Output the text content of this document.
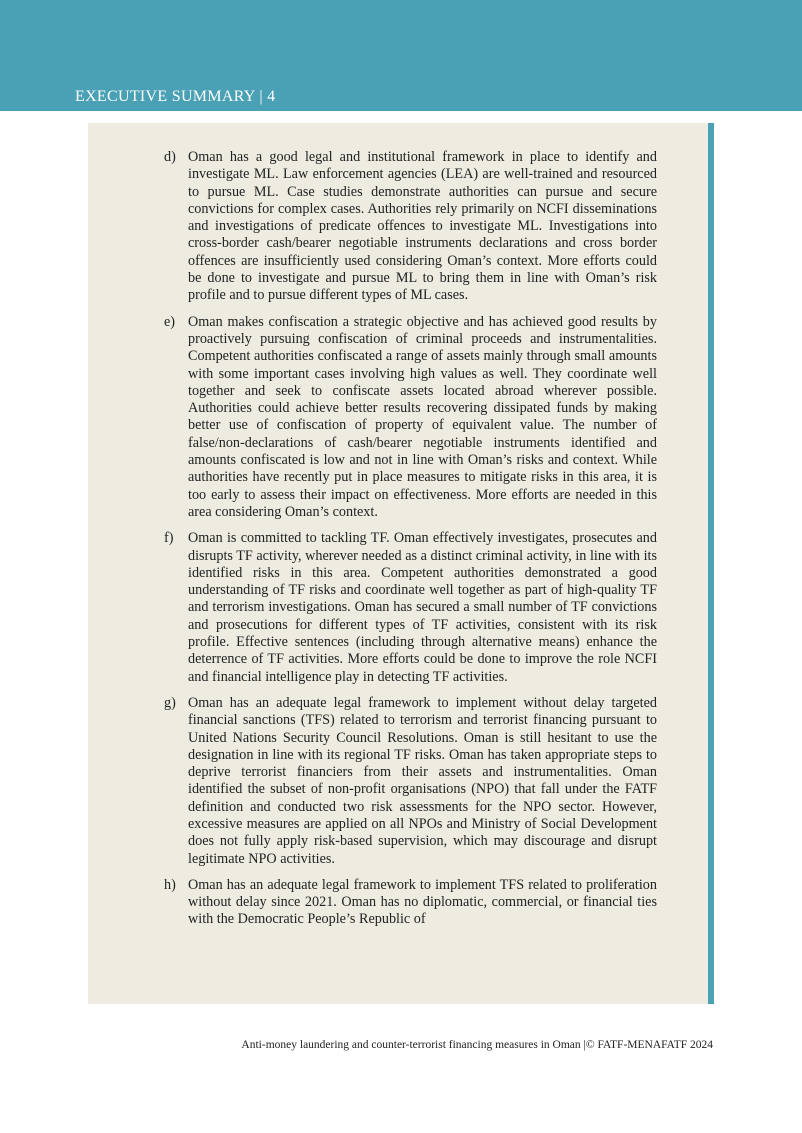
EXECUTIVE SUMMARY | 4
d) Oman has a good legal and institutional framework in place to identify and investigate ML. Law enforcement agencies (LEA) are well-trained and resourced to pursue ML. Case studies demonstrate authorities can pursue and secure convictions for complex cases. Authorities rely primarily on NCFI disseminations and investigations of predicate offences to investigate ML. Investigations into cross-border cash/bearer negotiable instruments declarations and cross border offences are insufficiently used considering Oman’s context. More efforts could be done to investigate and pursue ML to bring them in line with Oman’s risk profile and to pursue different types of ML cases.
e) Oman makes confiscation a strategic objective and has achieved good results by proactively pursuing confiscation of criminal proceeds and instrumentalities. Competent authorities confiscated a range of assets mainly through small amounts with some important cases involving high values as well. They coordinate well together and seek to confiscate assets located abroad wherever possible. Authorities could achieve better results recovering dissipated funds by making better use of confiscation of property of equivalent value. The number of false/non-declarations of cash/bearer negotiable instruments identified and amounts confiscated is low and not in line with Oman’s risks and context. While authorities have recently put in place measures to mitigate risks in this area, it is too early to assess their impact on effectiveness. More efforts are needed in this area considering Oman’s context.
f) Oman is committed to tackling TF. Oman effectively investigates, prosecutes and disrupts TF activity, wherever needed as a distinct criminal activity, in line with its identified risks in this area. Competent authorities demonstrated a good understanding of TF risks and coordinate well together as part of high-quality TF and terrorism investigations. Oman has secured a small number of TF convictions and prosecutions for different types of TF activities, consistent with its risk profile. Effective sentences (including through alternative means) enhance the deterrence of TF activities. More efforts could be done to improve the role NCFI and financial intelligence play in detecting TF activities.
g) Oman has an adequate legal framework to implement without delay targeted financial sanctions (TFS) related to terrorism and terrorist financing pursuant to United Nations Security Council Resolutions. Oman is still hesitant to use the designation in line with its regional TF risks. Oman has taken appropriate steps to deprive terrorist financiers from their assets and instrumentalities. Oman identified the subset of non-profit organisations (NPO) that fall under the FATF definition and conducted two risk assessments for the NPO sector. However, excessive measures are applied on all NPOs and Ministry of Social Development does not fully apply risk-based supervision, which may discourage and disrupt legitimate NPO activities.
h) Oman has an adequate legal framework to implement TFS related to proliferation without delay since 2021. Oman has no diplomatic, commercial, or financial ties with the Democratic People’s Republic of
Anti-money laundering and counter-terrorist financing measures in Oman |© FATF-MENAFATF 2024
